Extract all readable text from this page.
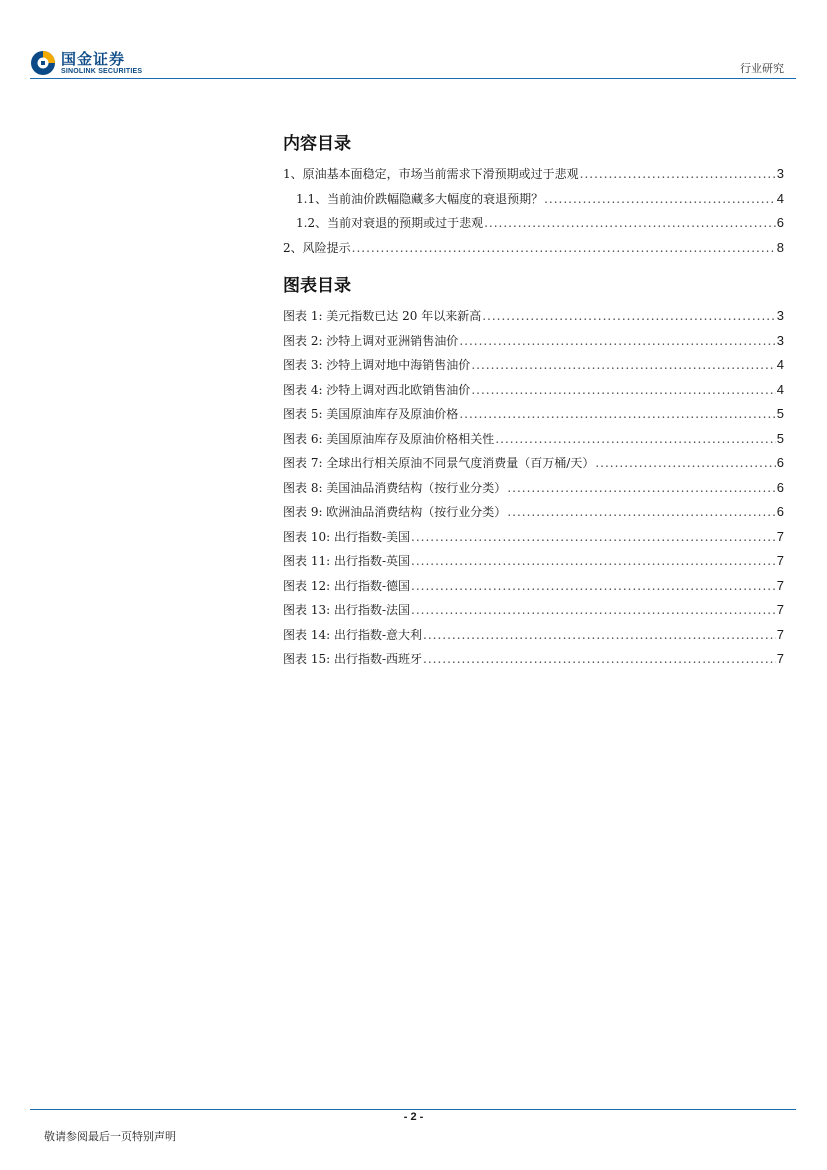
国金证券
SINOLINK SECURITIES	行业研究
内容目录
1、原油基本面稳定，市场当前需求下滑预期或过于悲观 .....	3
1.1、当前油价跌幅隐藏多大幅度的衰退预期？ .....	4
1.2、当前对衰退的预期或过于悲观 .....	6
2、风险提示 .....	8
图表目录
图表 1: 美元指数已达 20 年以来新高 .....	3
图表 2: 沙特上调对亚洲销售油价 .....	3
图表 3: 沙特上调对地中海销售油价 .....	4
图表 4: 沙特上调对西北欧销售油价 .....	4
图表 5: 美国原油库存及原油价格 .....	5
图表 6: 美国原油库存及原油价格相关性 .....	5
图表 7: 全球出行相关原油不同景气度消费量（百万桶/天） .....	6
图表 8: 美国油品消费结构（按行业分类） .....	6
图表 9: 欧洲油品消费结构（按行业分类） .....	6
图表 10: 出行指数-美国 .....	7
图表 11: 出行指数-英国 .....	7
图表 12: 出行指数-德国 .....	7
图表 13: 出行指数-法国 .....	7
图表 14: 出行指数-意大利 .....	7
图表 15: 出行指数-西班牙 .....	7
- 2 -
敬请参阅最后一页特别声明
